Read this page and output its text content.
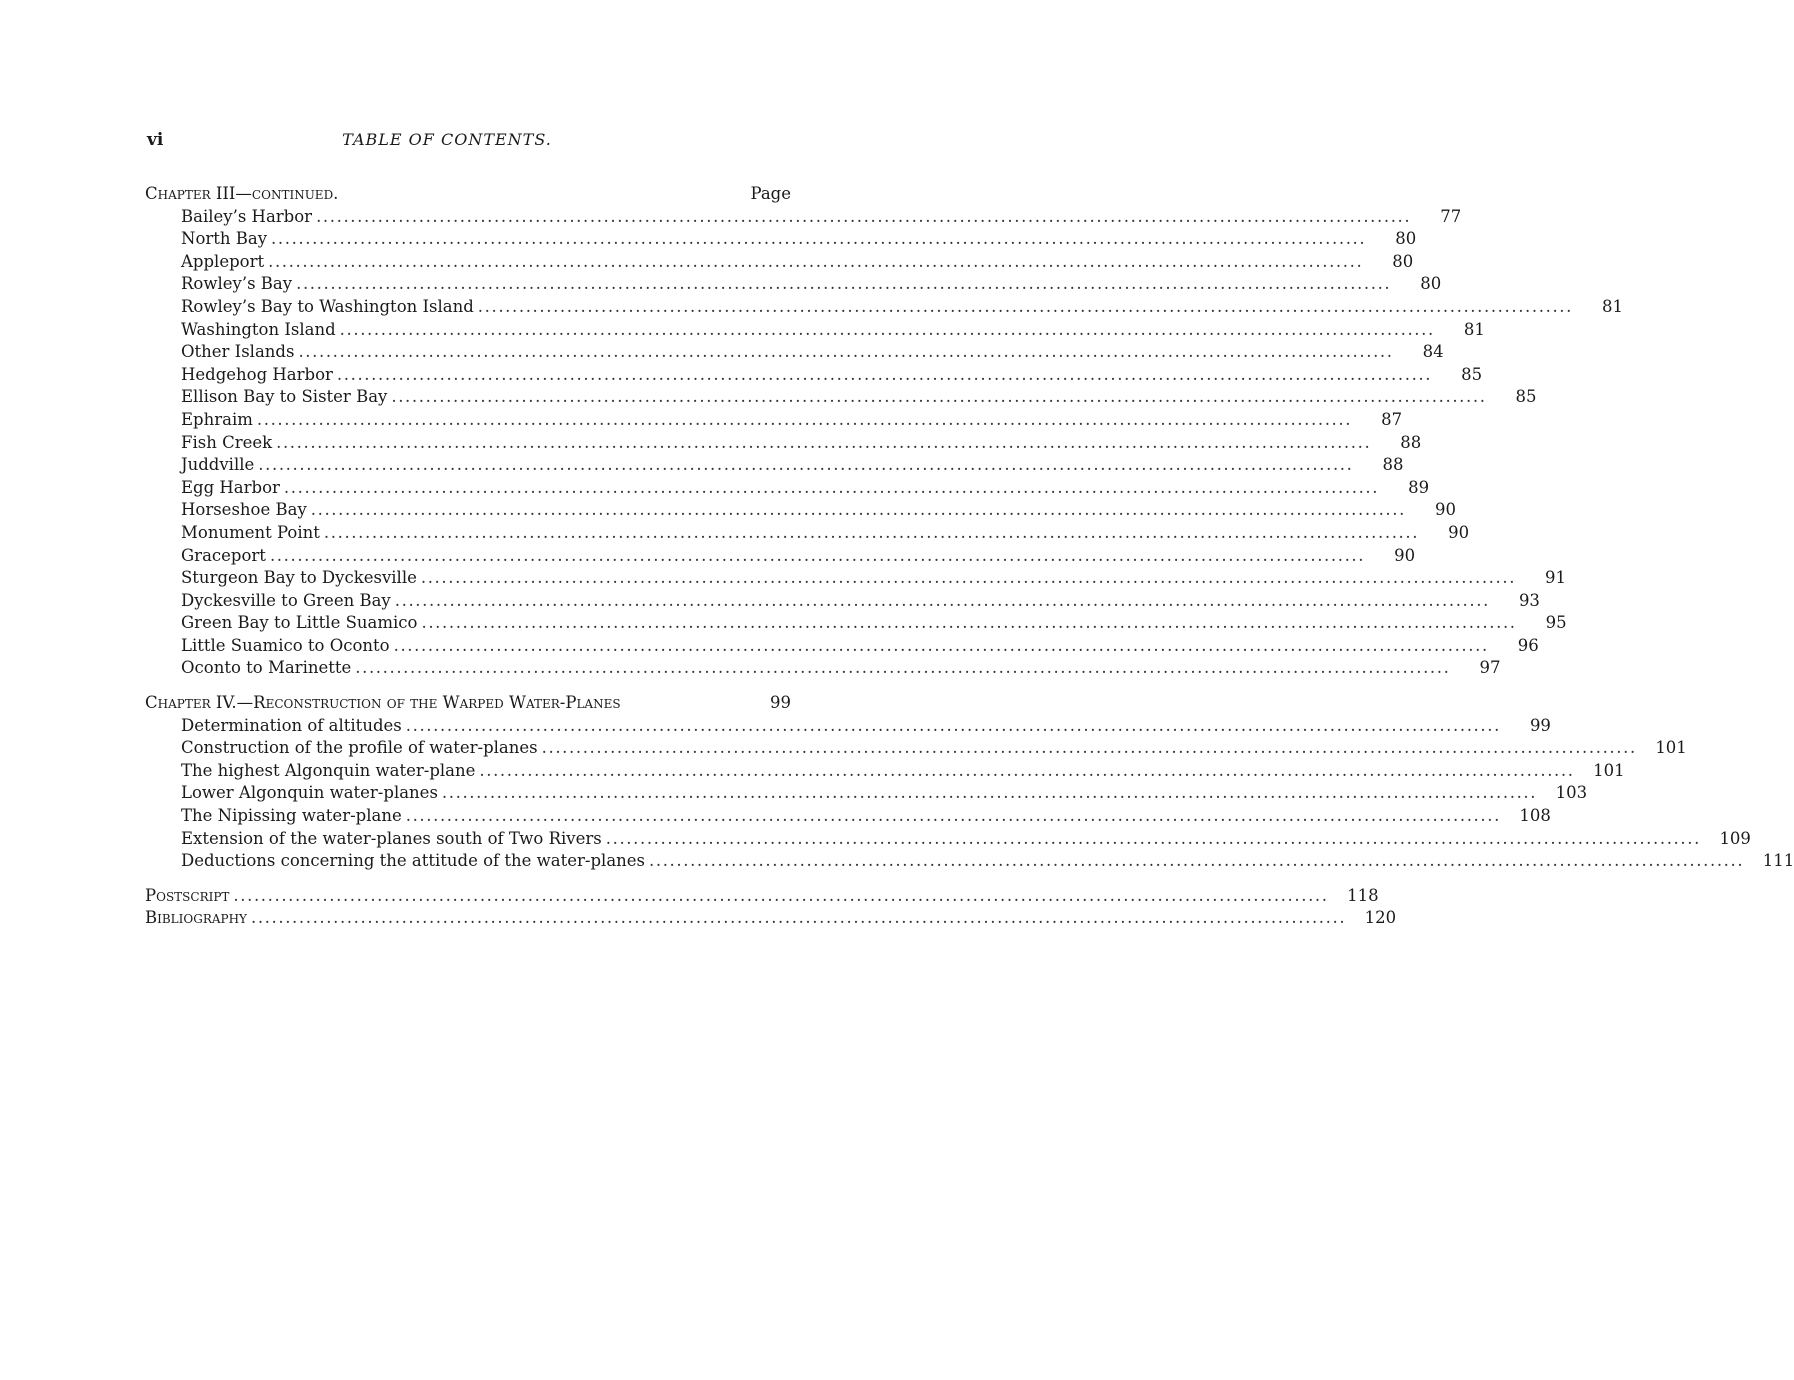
vi	TABLE OF CONTENTS.
Chapter III—continued.	Page
Bailey’s Harbor ................................................................................................................................................................	77
North Bay ................................................................................................................................................................	80
Appleport ................................................................................................................................................................	80
Rowley’s Bay ................................................................................................................................................................	80
Rowley’s Bay to Washington Island ................................................................................................................................................................	81
Washington Island ................................................................................................................................................................	81
Other Islands ................................................................................................................................................................	84
Hedgehog Harbor ................................................................................................................................................................	85
Ellison Bay to Sister Bay ................................................................................................................................................................	85
Ephraim ................................................................................................................................................................	87
Fish Creek ................................................................................................................................................................	88
Juddville ................................................................................................................................................................	88
Egg Harbor ................................................................................................................................................................	89
Horseshoe Bay ................................................................................................................................................................	90
Monument Point ................................................................................................................................................................	90
Graceport ................................................................................................................................................................	90
Sturgeon Bay to Dyckesville ................................................................................................................................................................	91
Dyckesville to Green Bay ................................................................................................................................................................	93
Green Bay to Little Suamico ................................................................................................................................................................	95
Little Suamico to Oconto ................................................................................................................................................................	96
Oconto to Marinette ................................................................................................................................................................	97
Chapter IV.—Reconstruction of the Warped Water-Planes	99
Determination of altitudes ................................................................................................................................................................	99
Construction of the profile of water-planes ................................................................................................................................................................	101
The highest Algonquin water-plane ................................................................................................................................................................	101
Lower Algonquin water-planes ................................................................................................................................................................	103
The Nipissing water-plane ................................................................................................................................................................	108
Extension of the water-planes south of Two Rivers ................................................................................................................................................................	109
Deductions concerning the attitude of the water-planes ................................................................................................................................................................	111
Postscript ................................................................................................................................................................	118
Bibliography ................................................................................................................................................................	120
